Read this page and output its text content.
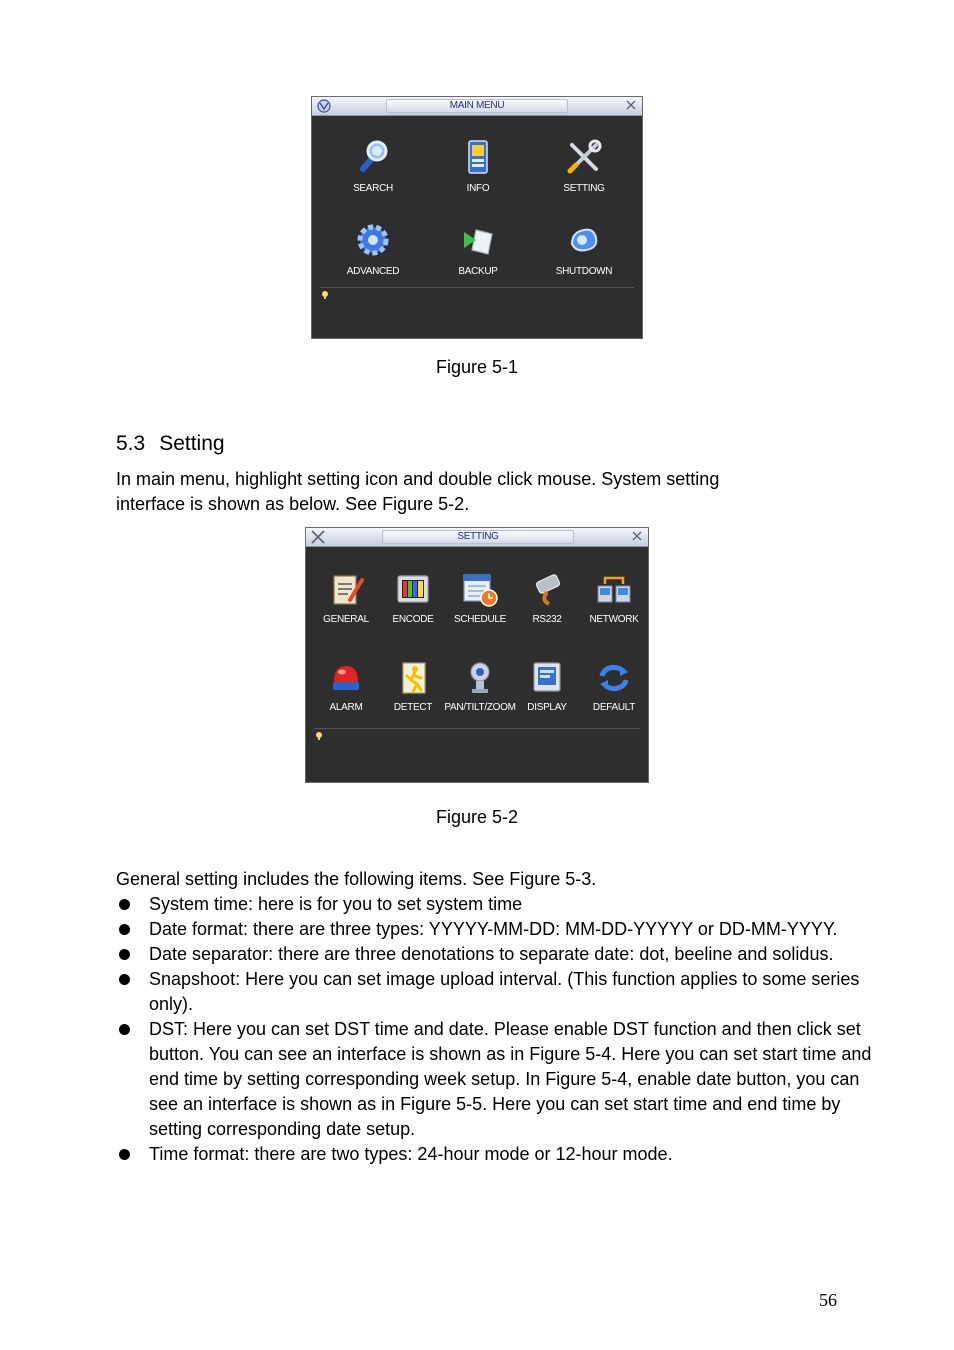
MAIN MENU
SEARCH	INFO	SETTING
ADVANCED	BACKUP	SHUTDOWN
Figure 5-1
5.3 Setting
In main menu, highlight setting icon and double click mouse. System setting
interface is shown as below. See Figure 5-2.
SETTING
GENERAL	ENCODE	SCHEDULE	RS232	NETWORK
ALARM	DETECT	PAN/TILT/ZOOM	DISPLAY	DEFAULT
Figure 5-2
General setting includes the following items. See Figure 5-3.
System time: here is for you to set system time
Date format: there are three types: YYYYY-MM-DD: MM-DD-YYYYY or DD-MM-YYYY.
Date separator: there are three denotations to separate date: dot, beeline and solidus.
Snapshoot: Here you can set image upload interval. (This function applies to some series only).
DST: Here you can set DST time and date. Please enable DST function and then click set button. You can see an interface is shown as in Figure 5-4. Here you can set start time and end time by setting corresponding week setup. In Figure 5-4, enable date button, you can see an interface is shown as in Figure 5-5. Here you can set start time and end time by setting corresponding date setup.
Time format: there are two types: 24-hour mode or 12-hour mode.
56
